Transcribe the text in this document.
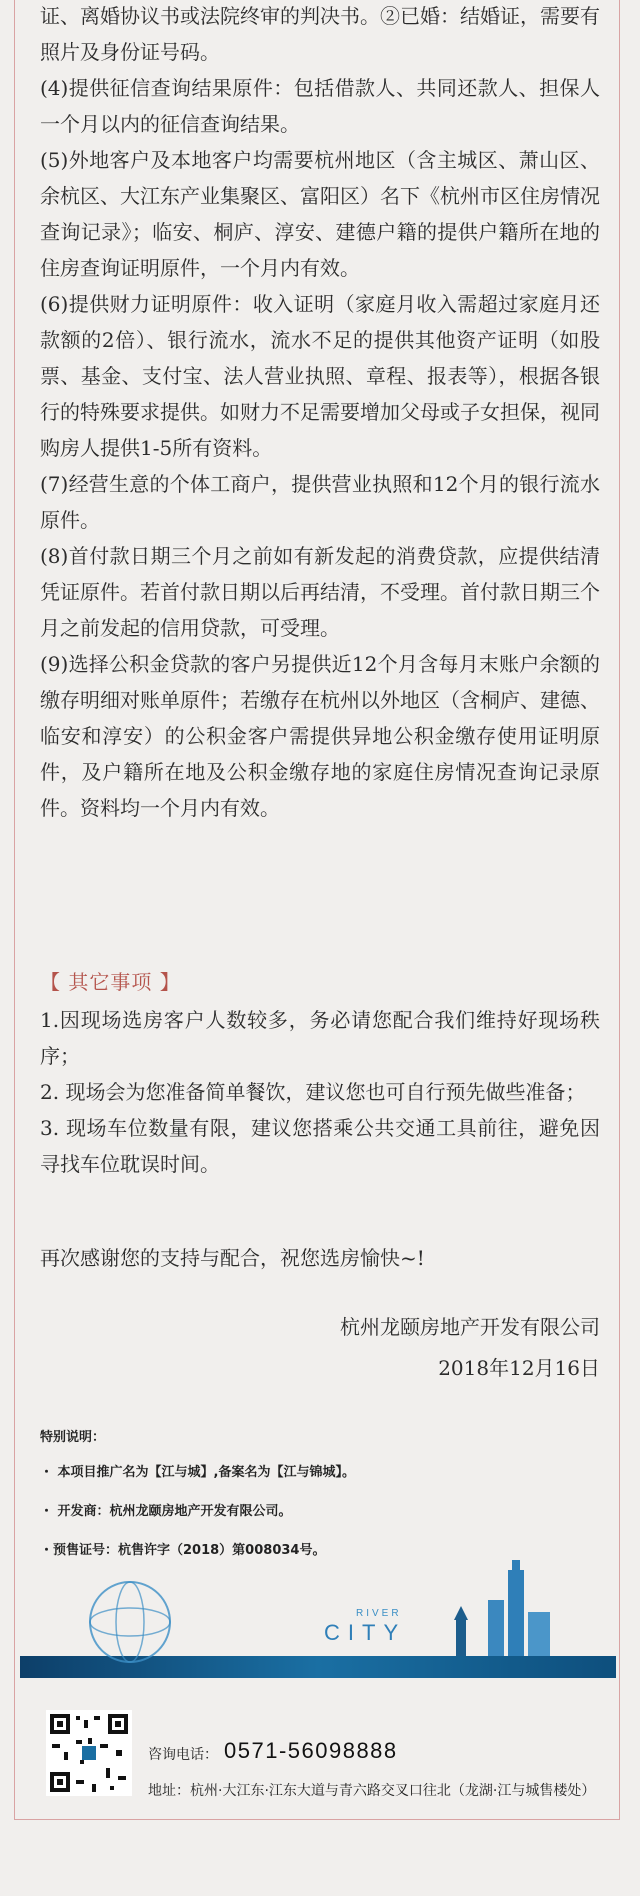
证、离婚协议书或法院终审的判决书。②已婚：结婚证，需要有照片及身份证号码。

(4)提供征信查询结果原件：包括借款人、共同还款人、担保人一个月以内的征信查询结果。

(5)外地客户及本地客户均需要杭州地区（含主城区、萧山区、余杭区、大江东产业集聚区、富阳区）名下《杭州市区住房情况查询记录》；临安、桐庐、淳安、建德户籍的提供户籍所在地的住房查询证明原件，一个月内有效。

(6)提供财力证明原件：收入证明（家庭月收入需超过家庭月还款额的2倍）、银行流水，流水不足的提供其他资产证明（如股票、基金、支付宝、法人营业执照、章程、报表等），根据各银行的特殊要求提供。如财力不足需要增加父母或子女担保，视同购房人提供1-5所有资料。

(7)经营生意的个体工商户，提供营业执照和12个月的银行流水原件。

(8)首付款日期三个月之前如有新发起的消费贷款，应提供结清凭证原件。若首付款日期以后再结清，不受理。首付款日期三个月之前发起的信用贷款，可受理。

(9)选择公积金贷款的客户另提供近12个月含每月末账户余额的缴存明细对账单原件；若缴存在杭州以外地区（含桐庐、建德、临安和淳安）的公积金客户需提供异地公积金缴存使用证明原件，及户籍所在地及公积金缴存地的家庭住房情况查询记录原件。资料均一个月内有效。

【 其它事项 】

1.因现场选房客户人数较多，务必请您配合我们维持好现场秩序；

2. 现场会为您准备简单餐饮，建议您也可自行预先做些准备；

3. 现场车位数量有限，建议您搭乘公共交通工具前往，避免因寻找车位耽误时间。

再次感谢您的支持与配合，祝您选房愉快~!
杭州龙颐房地产开发有限公司
2018年12月16日
特别说明：
・ 本项目推广名为【江与城】,备案名为【江与锦城】。
・ 开发商：杭州龙颐房地产开发有限公司。
・预售证号：杭售许字（2018）第008034号。
RIVER
CITY
咨询电话： 0571-56098888
地址：杭州·大江东·江东大道与青六路交叉口往北（龙湖·江与城售楼处）
